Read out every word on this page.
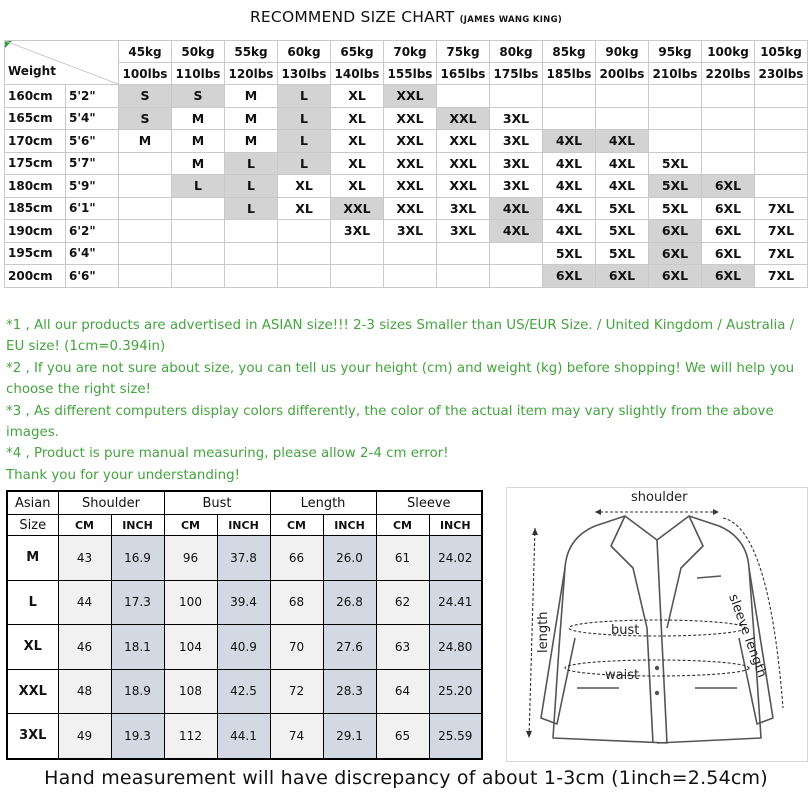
RECOMMEND SIZE CHART (JAMES WANG KING)
Weight		45kg	50kg	55kg	60kg	65kg	70kg	75kg	80kg	85kg	90kg	95kg	100kg	105kg
		100lbs	110lbs	120lbs	130lbs	140lbs	155lbs	165lbs	175lbs	185lbs	200lbs	210lbs	220lbs	230lbs
160cm	5'2"	S	S	M	L	XL	XXL							
165cm	5'4"	S	M	M	L	XL	XXL	XXL	3XL					
170cm	5'6"	M	M	M	L	XL	XXL	XXL	3XL	4XL	4XL			
175cm	5'7"		M	L	L	XL	XXL	XXL	3XL	4XL	4XL	5XL		
180cm	5'9"		L	L	XL	XL	XXL	XXL	3XL	4XL	4XL	5XL	6XL	
185cm	6'1"			L	XL	XXL	XXL	3XL	4XL	4XL	5XL	5XL	6XL	7XL
190cm	6'2"					3XL	3XL	3XL	4XL	4XL	5XL	6XL	6XL	7XL
195cm	6'4"									5XL	5XL	6XL	6XL	7XL
200cm	6'6"									6XL	6XL	6XL	6XL	7XL

*1 , All our products are advertised in ASIAN size!!! 2-3 sizes Smaller than US/EUR Size. / United Kingdom / Australia / EU size! (1cm=0.394in)

*2 , If you are not sure about size, you can tell us your height (cm) and weight (kg) before shopping! We will help you choose the right size!

*3 , As different computers display colors differently, the color of the actual item may vary slightly from the above images.

*4 , Product is pure manual measuring, please allow 2-4 cm error!

Thank you for your understanding!

Asian	Shoulder		Bust		Length		Sleeve	
Size	CM	INCH	CM	INCH	CM	INCH	CM	INCH
M	43	16.9	96	37.8	66	26.0	61	24.02
L	44	17.3	100	39.4	68	26.8	62	24.41
XL	46	18.1	104	40.9	70	27.6	63	24.80
XXL	48	18.9	108	42.5	72	28.3	64	25.20
3XL	49	19.3	112	44.1	74	29.1	65	25.59
shoulder
length	bust
waist	sleeve length
Hand measurement will have discrepancy of about 1-3cm (1inch=2.54cm)
